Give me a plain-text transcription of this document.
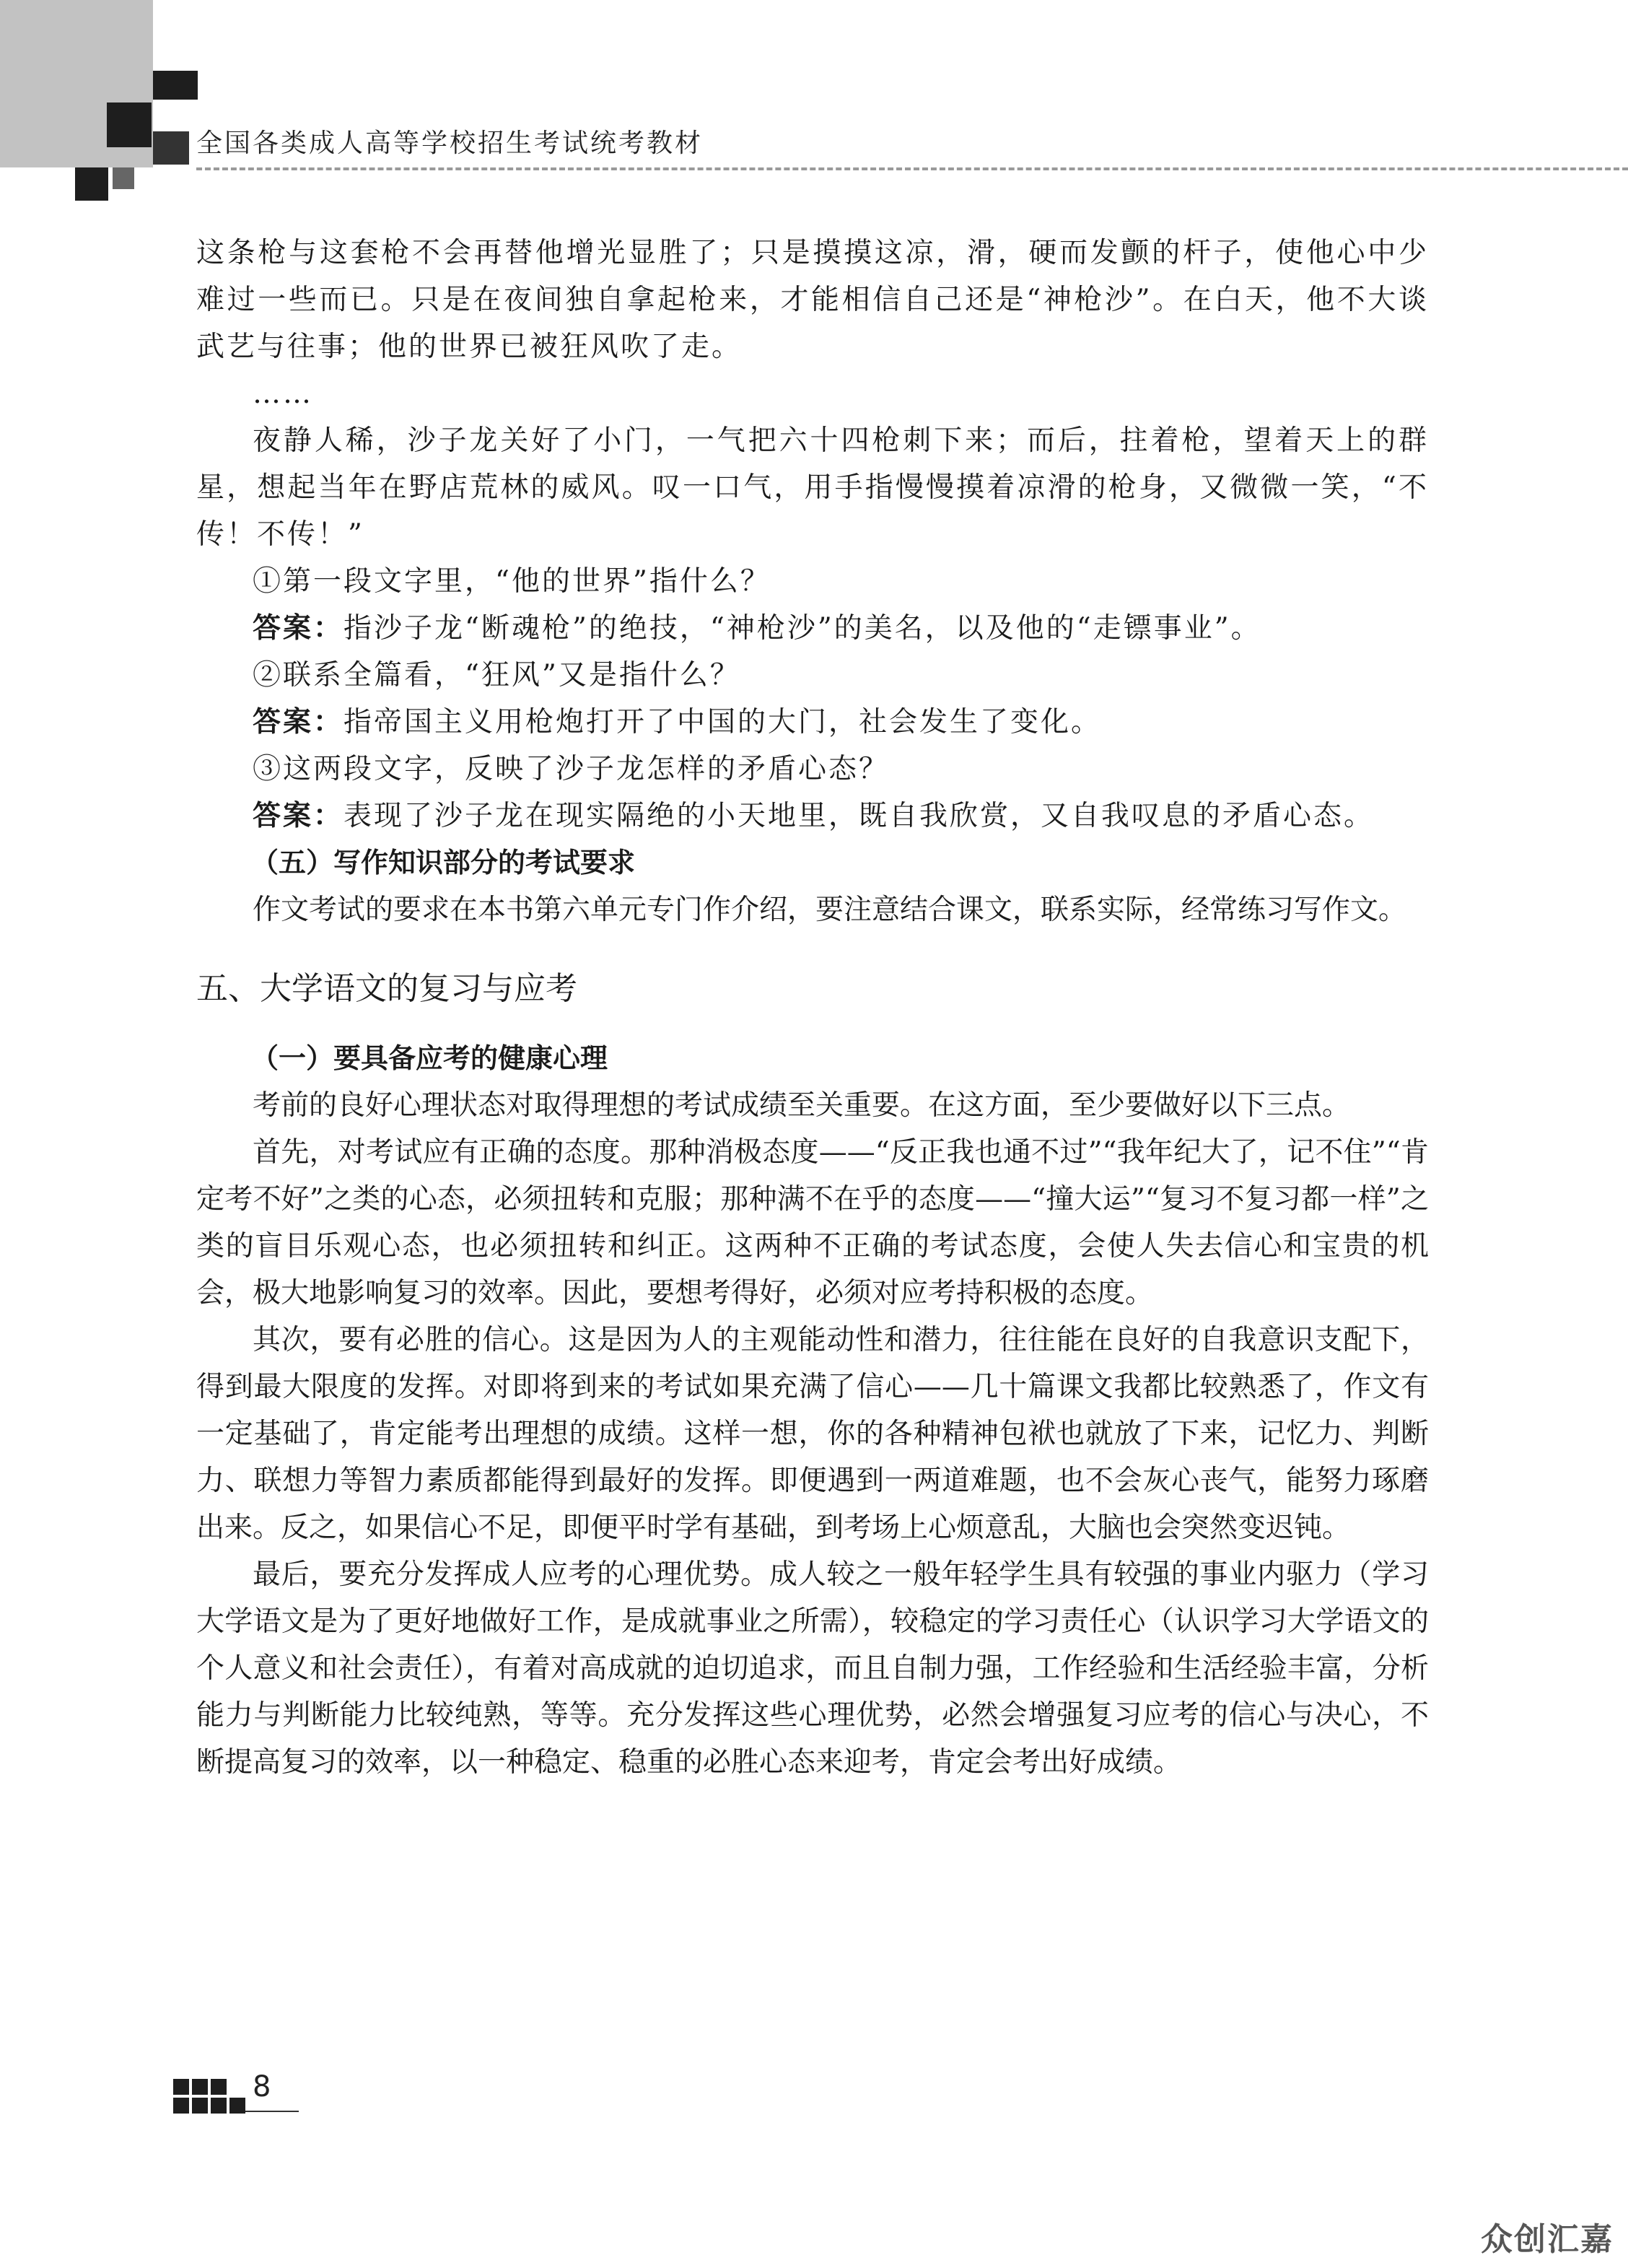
全国各类成人高等学校招生考试统考教材

这条枪与这套枪不会再替他增光显胜了；只是摸摸这凉，滑，硬而发颤的杆子，使他心中少难过一些而已。只是在夜间独自拿起枪来，才能相信自己还是“神枪沙”。在白天，他不大谈武艺与往事；他的世界已被狂风吹了走。

……

夜静人稀，沙子龙关好了小门，一气把六十四枪刺下来；而后，拄着枪，望着天上的群星，想起当年在野店荒林的威风。叹一口气，用手指慢慢摸着凉滑的枪身，又微微一笑，“不传！不传！”

①第一段文字里，“他的世界”指什么？

答案：指沙子龙“断魂枪”的绝技，“神枪沙”的美名，以及他的“走镖事业”。

②联系全篇看，“狂风”又是指什么？

答案：指帝国主义用枪炮打开了中国的大门，社会发生了变化。

③这两段文字，反映了沙子龙怎样的矛盾心态？

答案：表现了沙子龙在现实隔绝的小天地里，既自我欣赏，又自我叹息的矛盾心态。

（五）写作知识部分的考试要求

作文考试的要求在本书第六单元专门作介绍，要注意结合课文，联系实际，经常练习写作文。

五、大学语文的复习与应考

（一）要具备应考的健康心理

考前的良好心理状态对取得理想的考试成绩至关重要。在这方面，至少要做好以下三点。

首先，对考试应有正确的态度。那种消极态度——“反正我也通不过”“我年纪大了，记不住”“肯定考不好”之类的心态，必须扭转和克服；那种满不在乎的态度——“撞大运”“复习不复习都一样”之类的盲目乐观心态，也必须扭转和纠正。这两种不正确的考试态度，会使人失去信心和宝贵的机会，极大地影响复习的效率。因此，要想考得好，必须对应考持积极的态度。

其次，要有必胜的信心。这是因为人的主观能动性和潜力，往往能在良好的自我意识支配下，得到最大限度的发挥。对即将到来的考试如果充满了信心——几十篇课文我都比较熟悉了，作文有一定基础了，肯定能考出理想的成绩。这样一想，你的各种精神包袱也就放了下来，记忆力、判断力、联想力等智力素质都能得到最好的发挥。即便遇到一两道难题，也不会灰心丧气，能努力琢磨出来。反之，如果信心不足，即便平时学有基础，到考场上心烦意乱，大脑也会突然变迟钝。

最后，要充分发挥成人应考的心理优势。成人较之一般年轻学生具有较强的事业内驱力（学习大学语文是为了更好地做好工作，是成就事业之所需），较稳定的学习责任心（认识学习大学语文的个人意义和社会责任），有着对高成就的迫切追求，而且自制力强，工作经验和生活经验丰富，分析能力与判断能力比较纯熟，等等。充分发挥这些心理优势，必然会增强复习应考的信心与决心，不断提高复习的效率，以一种稳定、稳重的必胜心态来迎考，肯定会考出好成绩。

8
众创汇嘉
